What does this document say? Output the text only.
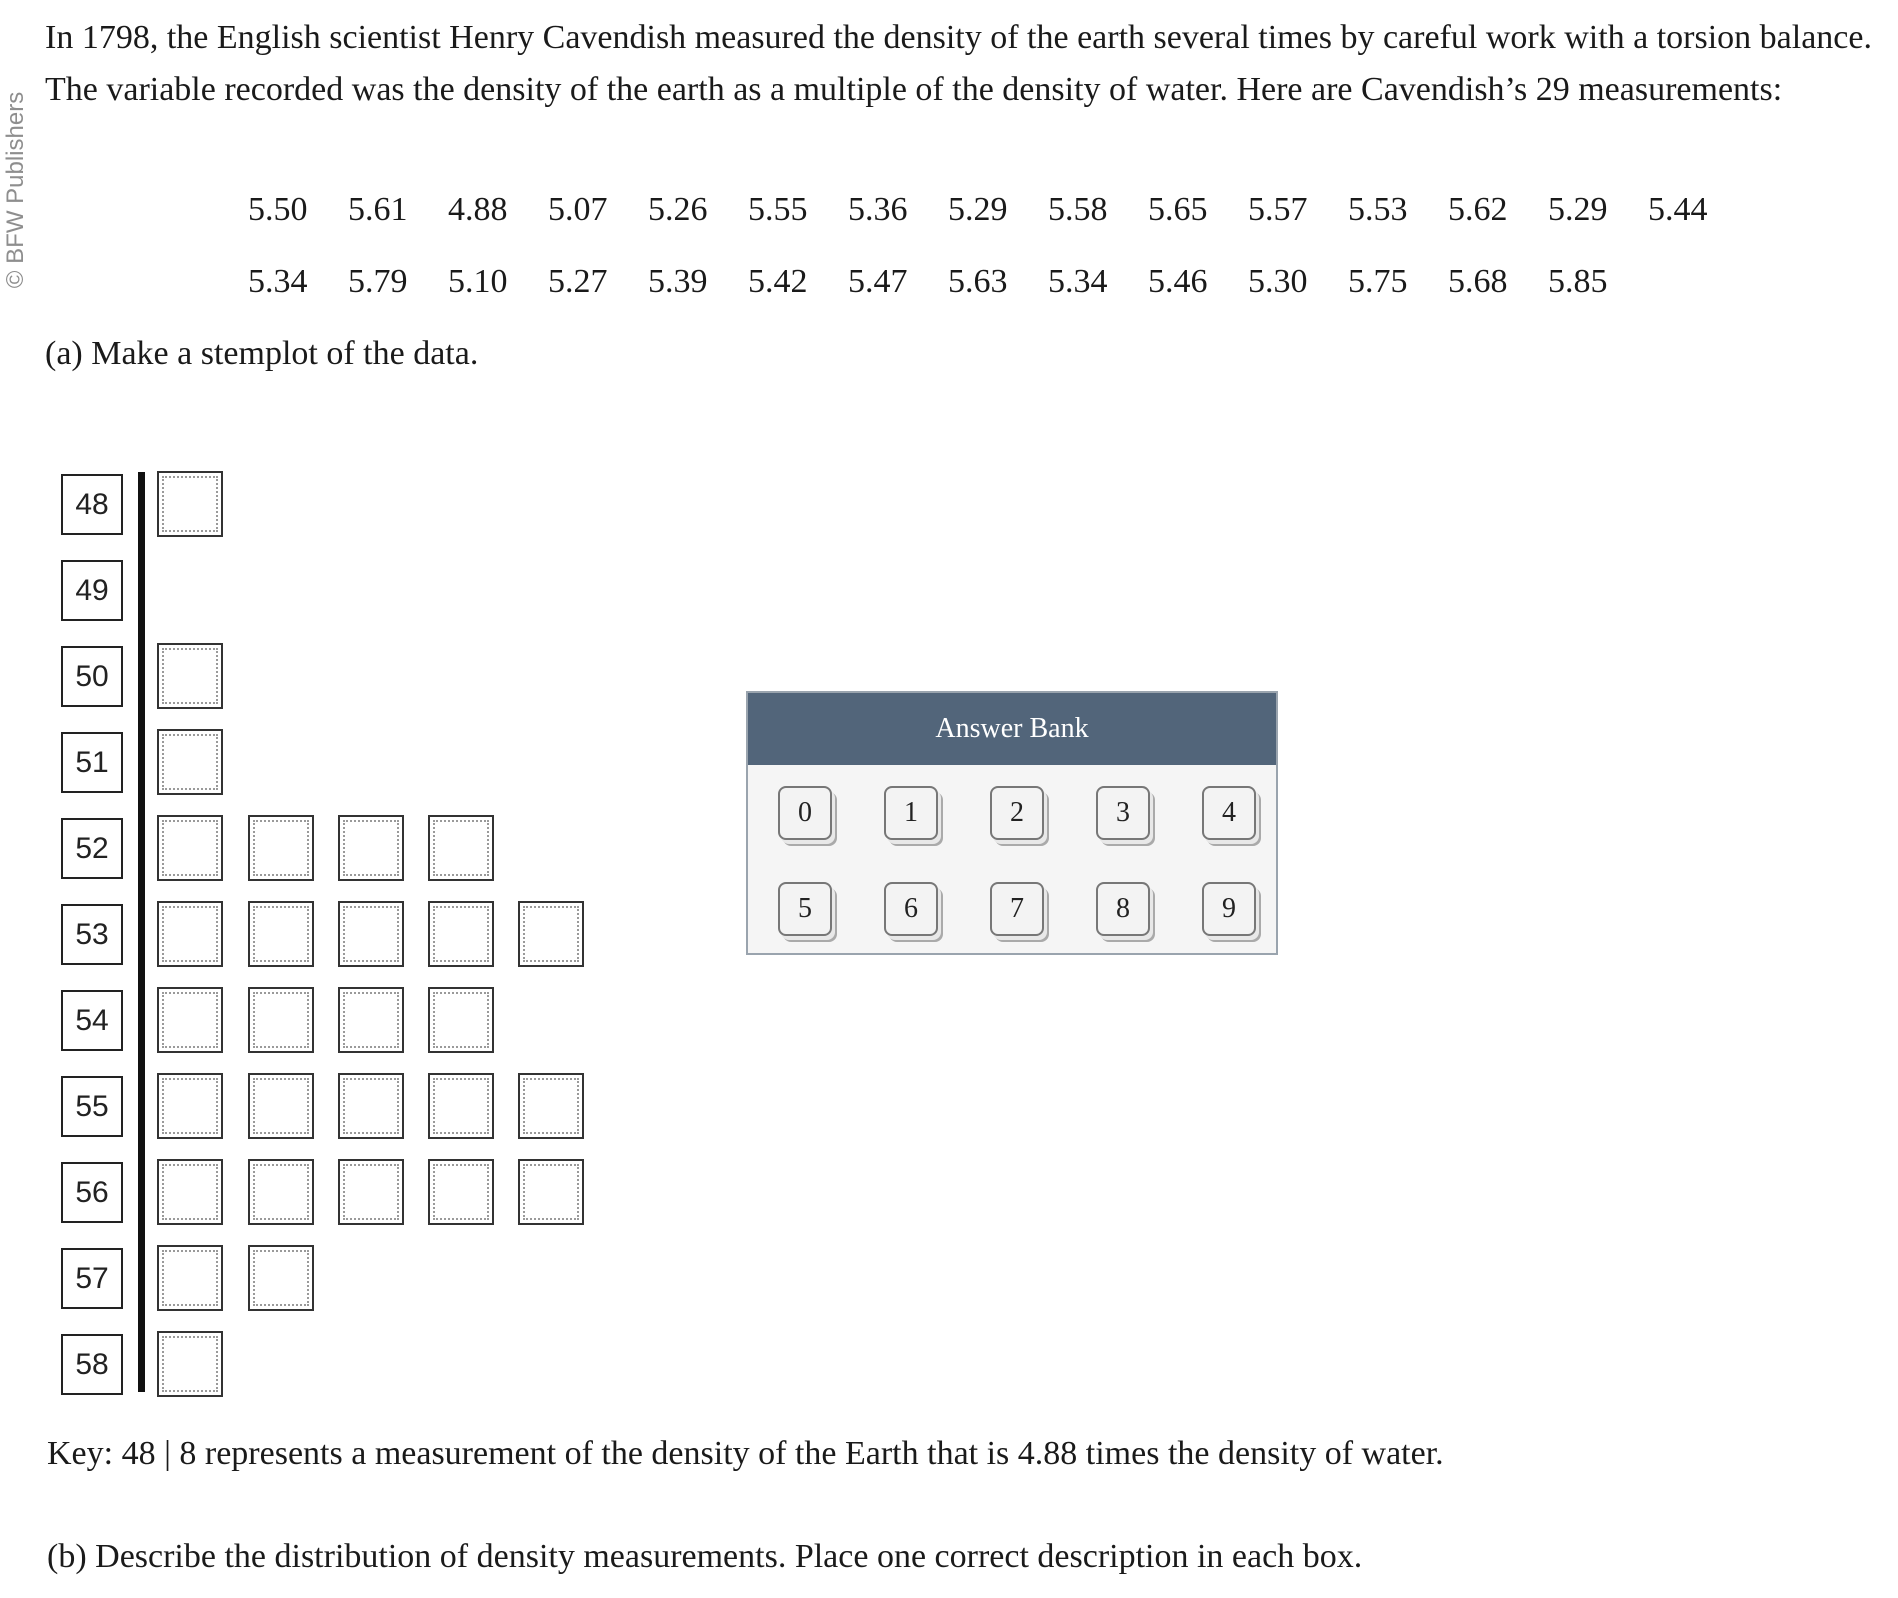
© BFW Publishers

In 1798, the English scientist Henry Cavendish measured the density of the earth several times by careful work with a torsion balance. The variable recorded was the density of the earth as a multiple of the density of water. Here are Cavendish’s 29 measurements:

5.50	5.61	4.88	5.07	5.26	5.55	5.36	5.29	5.58	5.65	5.57	5.53	5.62	5.29	5.44
5.34	5.79	5.10	5.27	5.39	5.42	5.47	5.63	5.34	5.46	5.30	5.75	5.68	5.85

(a) Make a stemplot of the data.

48
49
50
51
52
53
54
55
56
57
58
Answer Bank
0	1	2	3	4
5	6	7	8	9

Key: 48 | 8 represents a measurement of the density of the Earth that is 4.88 times the density of water.

(b) Describe the distribution of density measurements. Place one correct description in each box.
